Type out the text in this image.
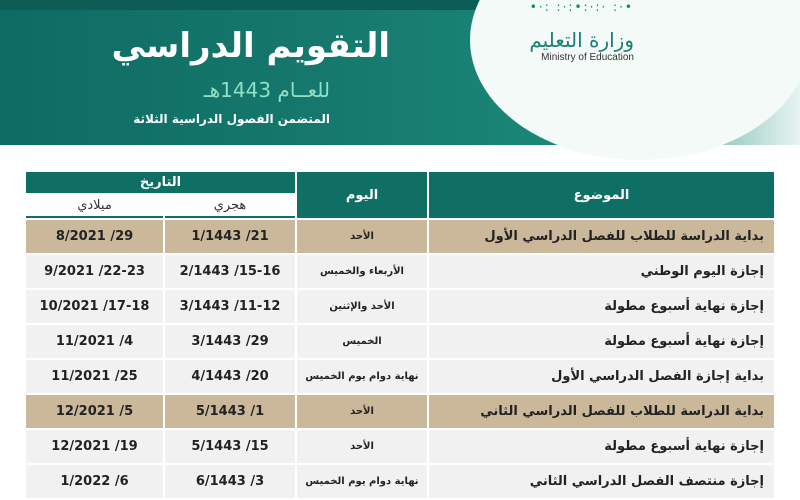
•·: ·:·:•:·: :·•
وزارة التعليم
Ministry of Education
التقويم الدراسي
للعــام 1443هـ
المتضمن الفصول الدراسية الثلاثة
الموضوع	اليوم	التاريخ	
		هجري	ميلادي
بداية الدراسة للطلاب للفصل الدراسي الأول	الأحد	21/ 1/1443	29/ 8/2021
إجازة اليوم الوطني	الأربعاء والخميس	15-16/ 2/1443	22-23/ 9/2021
إجازة نهاية أسبوع مطولة	الأحد والإثنين	11-12/ 3/1443	17-18/ 10/2021
إجازة نهاية أسبوع مطولة	الخميس	29/ 3/1443	4/ 11/2021
بداية إجازة الفصل الدراسي الأول	نهاية دوام يوم الخميس	20/ 4/1443	25/ 11/2021
بداية الدراسة للطلاب للفصل الدراسي الثاني	الأحد	1/ 5/1443	5/ 12/2021
إجازة نهاية أسبوع مطولة	الأحد	15/ 5/1443	19/ 12/2021
إجازة منتصف الفصل الدراسي الثاني	نهاية دوام يوم الخميس	3/ 6/1443	6/ 1/2022
